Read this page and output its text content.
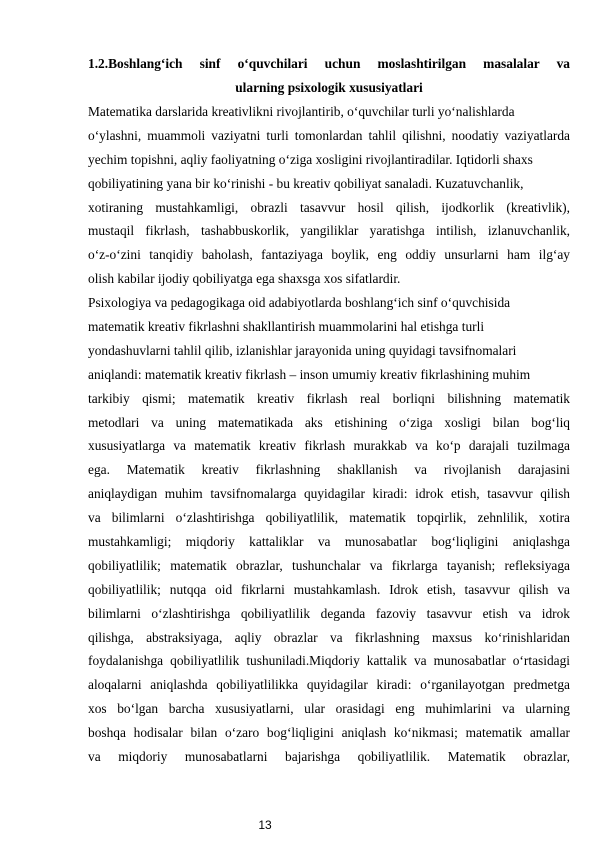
1.2.Boshlang‘ich sinf o‘quvchilari uchun moslashtirilgan masalalar va
ularning psixologik xususiyatlari
Matematika darslarida kreativlikni rivojlantirib, o‘quvchilar turli yo‘nalishlarda
o‘ylashni, muammoli vaziyatni turli tomonlardan tahlil qilishni, noodatiy vaziyatlarda
yechim topishni, aqliy faoliyatning o‘ziga xosligini rivojlantiradilar. Iqtidorli shaxs
qobiliyatining yana bir ko‘rinishi - bu kreativ qobiliyat sanaladi. Kuzatuvchanlik,
xotiraning mustahkamligi, obrazli tasavvur hosil qilish, ijodkorlik (kreativlik),
mustaqil fikrlash, tashabbuskorlik, yangiliklar yaratishga intilish, izlanuvchanlik,
o‘z-o‘zini tanqidiy baholash, fantaziyaga boylik, eng oddiy unsurlarni ham ilg‘ay
olish kabilar ijodiy qobiliyatga ega shaxsga xos sifatlardir.
Psixologiya va pedagogikaga oid adabiyotlarda boshlang‘ich sinf o‘quvchisida
matematik kreativ fikrlashni shakllantirish muammolarini hal etishga turli
yondashuvlarni tahlil qilib, izlanishlar jarayonida uning quyidagi tavsifnomalari
aniqlandi: matematik kreativ fikrlash – inson umumiy kreativ fikrlashining muhim
tarkibiy qismi; matematik kreativ fikrlash real borliqni bilishning matematik
metodlari va uning matematikada aks etishining o‘ziga xosligi bilan bog‘liq
xususiyatlarga va matematik kreativ fikrlash murakkab va ko‘p darajali tuzilmaga
ega. Matematik kreativ fikrlashning shakllanish va rivojlanish darajasini
aniqlaydigan muhim tavsifnomalarga quyidagilar kiradi: idrok etish, tasavvur qilish
va bilimlarni o‘zlashtirishga qobiliyatlilik, matematik topqirlik, zehnlilik, xotira
mustahkamligi; miqdoriy kattaliklar va munosabatlar bog‘liqligini aniqlashga
qobiliyatlilik; matematik obrazlar, tushunchalar va fikrlarga tayanish; refleksiyaga
qobiliyatlilik; nutqqa oid fikrlarni mustahkamlash. Idrok etish, tasavvur qilish va
bilimlarni o‘zlashtirishga qobiliyatlilik deganda fazoviy tasavvur etish va idrok
qilishga, abstraksiyaga, aqliy obrazlar va fikrlashning maxsus ko‘rinishlaridan
foydalanishga qobiliyatlilik tushuniladi.Miqdoriy kattalik va munosabatlar o‘rtasidagi
aloqalarni aniqlashda qobiliyatlilikka quyidagilar kiradi: o‘rganilayotgan predmetga
xos bo‘lgan barcha xususiyatlarni, ular orasidagi eng muhimlarini va ularning
boshqa hodisalar bilan o‘zaro bog‘liqligini aniqlash ko‘nikmasi; matematik amallar
va miqdoriy munosabatlarni bajarishga qobiliyatlilik. Matematik obrazlar,
13
